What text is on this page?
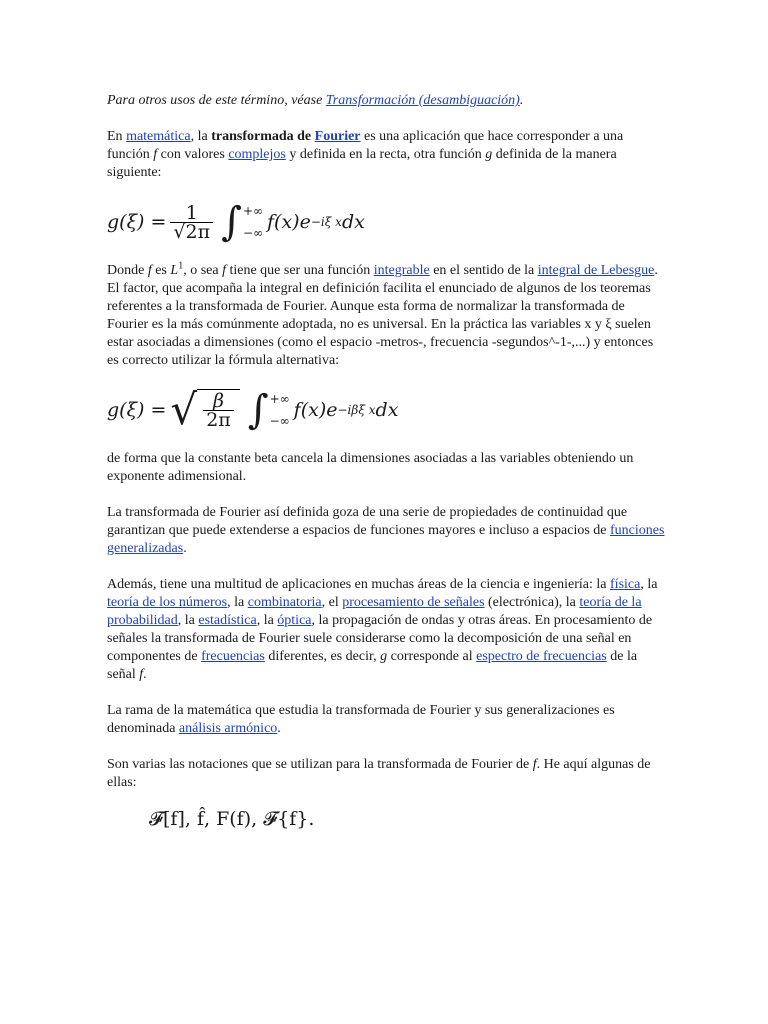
Para otros usos de este término, véase Transformación (desambiguación).

En matemática, la transformada de Fourier es una aplicación que hace corresponder a una función f con valores complejos y definida en la recta, otra función g definida de la manera siguiente:

$g(\xi) = \frac{1}{√2\pi}$ ∫ +∞
−∞ f(x)e −iξ x dx

Donde f es $L^1$, o sea f tiene que ser una función integrable en el sentido de la integral de Lebesgue. El factor, que acompaña la integral en definición facilita el enunciado de algunos de los teoremas referentes a la transformada de Fourier. Aunque esta forma de normalizar la transformada de Fourier es la más comúnmente adoptada, no es universal. En la práctica las variables x y ξ suelen estar asociadas a dimensiones (como el espacio -metros-, frecuencia -segundos^-1-,...) y entonces es correcto utilizar la fórmula alternativa:

g(ξ) = √ $\frac{\beta}{2\pi}$ ∫ +∞
−∞ f(x)e −iβξ x dx

de forma que la constante beta cancela la dimensiones asociadas a las variables obteniendo un exponente adimensional.

La transformada de Fourier así definida goza de una serie de propiedades de continuidad que garantizan que puede extenderse a espacios de funciones mayores e incluso a espacios de funciones generalizadas.

Además, tiene una multitud de aplicaciones en muchas áreas de la ciencia e ingeniería: la física, la teoría de los números, la combinatoria, el procesamiento de señales (electrónica), la teoría de la probabilidad, la estadística, la óptica, la propagación de ondas y otras áreas. En procesamiento de señales la transformada de Fourier suele considerarse como la decomposición de una señal en componentes de frecuencias diferentes, es decir, g corresponde al espectro de frecuencias de la señal f.

La rama de la matemática que estudia la transformada de Fourier y sus generalizaciones es denominada análisis armónico.

Son varias las notaciones que se utilizan para la transformada de Fourier de f. He aquí algunas de ellas:

𝓕[f], f̂, F(f), 𝓕{f}.
